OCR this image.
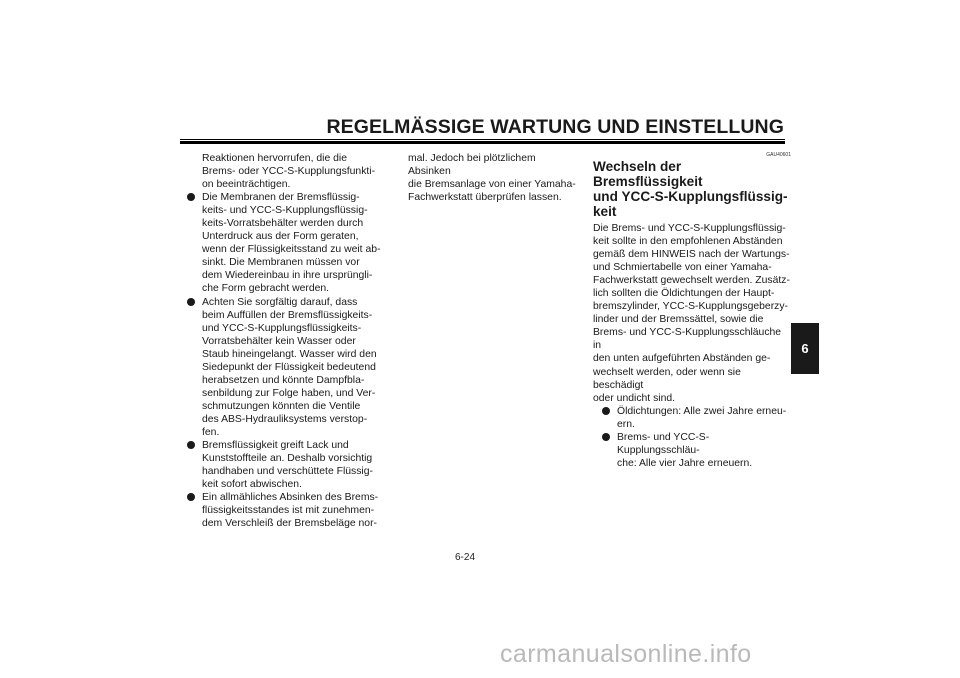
REGELMÄSSIGE WARTUNG UND EINSTELLUNG

Reaktionen hervorrufen, die die

Brems- oder YCC-S-Kupplungsfunkti-

on beeinträchtigen.

Die Membranen der Bremsflüssig-

keits- und YCC-S-Kupplungsflüssig-

keits-Vorratsbehälter werden durch

Unterdruck aus der Form geraten,

wenn der Flüssigkeitsstand zu weit ab-

sinkt. Die Membranen müssen vor

dem Wiedereinbau in ihre ursprüngli-

che Form gebracht werden.

Achten Sie sorgfältig darauf, dass

beim Auffüllen der Bremsflüssigkeits-

und YCC-S-Kupplungsflüssigkeits-

Vorratsbehälter kein Wasser oder

Staub hineingelangt. Wasser wird den

Siedepunkt der Flüssigkeit bedeutend

herabsetzen und könnte Dampfbla-

senbildung zur Folge haben, und Ver-

schmutzungen könnten die Ventile

des ABS-Hydrauliksystems verstop-

fen.

Bremsflüssigkeit greift Lack und

Kunststoffteile an. Deshalb vorsichtig

handhaben und verschüttete Flüssig-

keit sofort abwischen.

Ein allmähliches Absinken des Brems-

flüssigkeitsstandes ist mit zunehmen-

dem Verschleiß der Bremsbeläge nor-

mal. Jedoch bei plötzlichem Absinken

die Bremsanlage von einer Yamaha-

Fachwerkstatt überprüfen lassen.

GAU40601
Wechseln der Bremsflüssigkeit
und YCC-S-Kupplungsflüssig-
keit

Die Brems- und YCC-S-Kupplungsflüssig-

keit sollte in den empfohlenen Abständen

gemäß dem HINWEIS nach der Wartungs-

und Schmiertabelle von einer Yamaha-

Fachwerkstatt gewechselt werden. Zusätz-

lich sollten die Öldichtungen der Haupt-

bremszylinder, YCC-S-Kupplungsgeberzy-

linder und der Bremssättel, sowie die

Brems- und YCC-S-Kupplungsschläuche in

den unten aufgeführten Abständen ge-

wechselt werden, oder wenn sie beschädigt

oder undicht sind.

Öldichtungen: Alle zwei Jahre erneu-

ern.

Brems- und YCC-S-Kupplungsschläu-

che: Alle vier Jahre erneuern.

6
6-24
carmanualsonline.info
